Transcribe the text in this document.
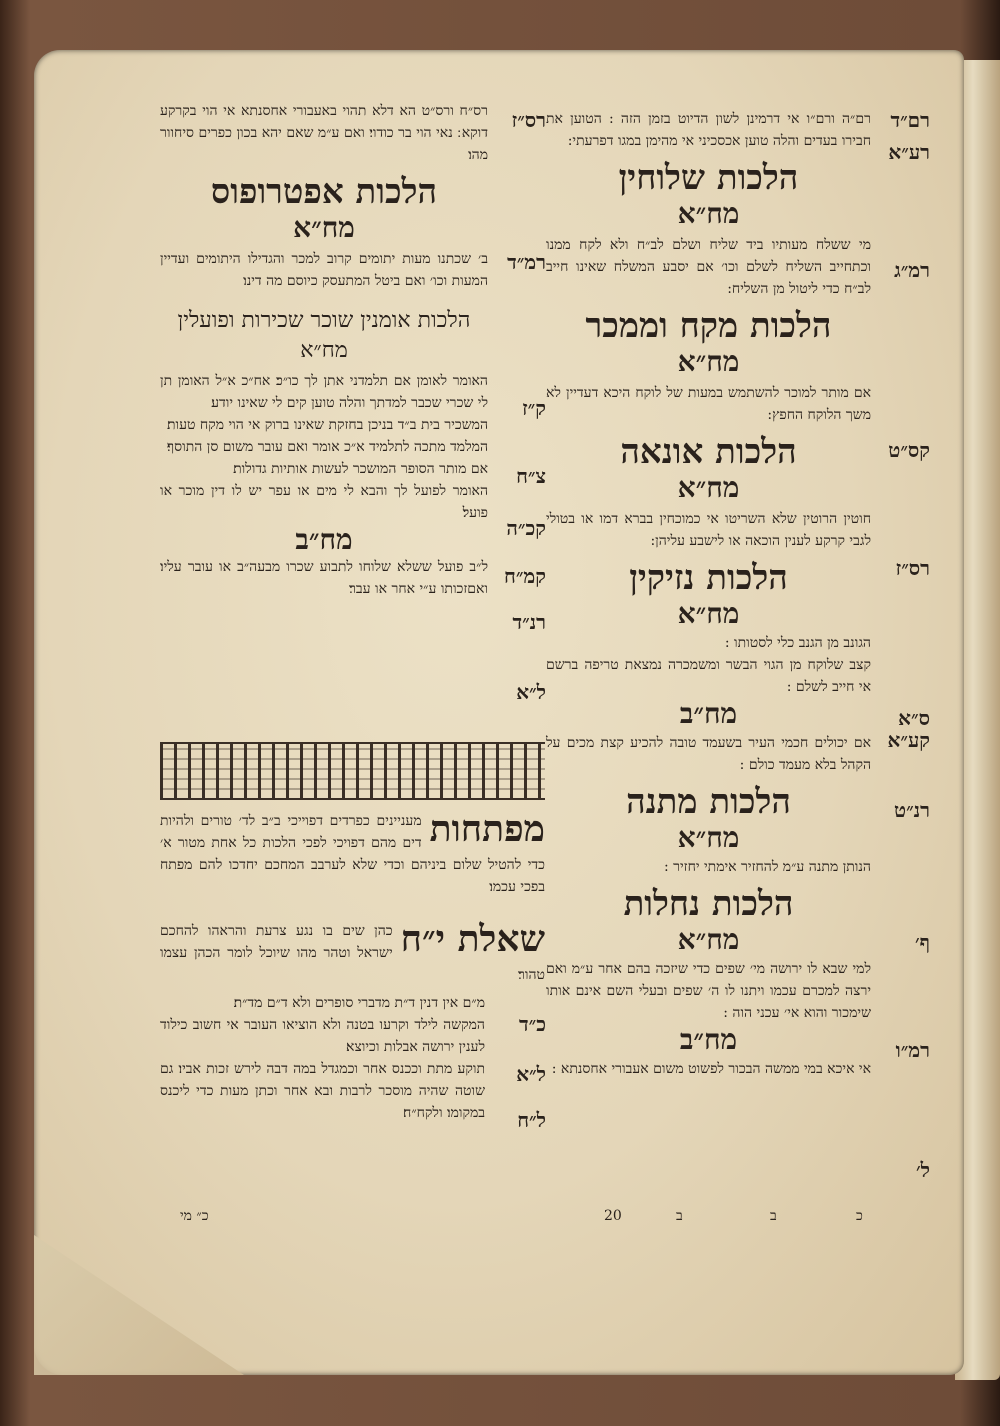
רם״ד
רע״א
רמ״ג
קס״ט
רס״ז
ס״א
קע״א
רנ״ט
ף׳
רמ״ו
ל׳

רם״ה ורם״ו אי דרמינן לשון הדיוט בזמן הזה : הטוען את חבירו בעדים והלה טוען אכסכיני אי מהימן במגו דפרעתי:

הלכות שלוחין
מח״א

מי ששלח מעותיו ביד שליח ושלם לב״ח ולא לקח ממנו וכתחייב השליח לשלם וכו׳ אם יסבע המשלח שאינו חייב לב״ח כדי ליטול מן השליח:

הלכות מקח וממכר
מח״א

אם מותר למוכר להשתמש במעות של לוקח היכא דעדיין לא משך הלוקח החפץ:

הלכות אונאה
מח״א

חוטין הרוטין שלא השריטו אי כמוכחין בברא דמו או בטולי לגבי קרקע לענין הוכאה או לישבע עליהן:

הלכות נזיקין
מח״א

הגונב מן הגנב כלי לסטותו :

קצב שלוקח מן הגוי הבשר ומשמכרה נמצאת טריפה ברשם אי חייב לשלם :

מח״ב

אם יכולים חכמי העיר בשעמד טובה להכיע קצת מכים על הקהל בלא מעמד כולם :

הלכות מתנה
מח״א

הנותן מתנה ע״מ להחזיר אימתי יחזיר :

הלכות נחלות
מח״א

למי שבא לו ירושה מי׳ שפים כדי שיזכה בהם אחר ע״מ ואם ירצה למכרם עכמו ויתנו לו ה׳ שפים ובעלי השם אינם אותו שימכור והוא אי׳ עכני הוה :

מח״ב

אי איכא במי ממשה הבכור לפשוט משום אעבורי אחסנתא :

רס״ז
רמ״ד
ק״ז
צ״ח
קכ״ה
קמ״ח
רנ״ד
ל״א
כ״ד
ל״א
ל״ח

רס״ח ורס״ט הא דלא תהוי באעבורי אחסנתא אי הוי בקרקע דוקא ׃ נאי הוי בר כודוי׃ ואם ע״מ שאם יהא בכון כפרים סיחוור מהו׃

הלכות אפטרופוס
מח״א

ב׳ שכתנו מעות יתומים קרוב למכר והגדילו היתומים ועדיין המעות וכו׳ ואם ביטל המתעסק כיוסם מה דינו׃

הלכות אומנין שוכר שכירות ופועלין
מח״א

האומר לאומן אם תלמדני אתן לך כו״כ׃ אח״כ א״ל האומן תן לי שכרי שכבר למדתך והלה טוען קים לי שאינו יודע׃

המשכיר בית ב״ד בניכן בחזקת שאינו ברוק אי הוי מקח טעות׃

המלמד מתכה לתלמיד א״כ אומר ואם עובר משום סן התוסף׃

אם מותר הסופר המושכר לעשות אותיות גדולות׃

האומר לפועל לך והבא לי מים או עפר יש לו דין מוכר או פועל׃

מח״ב

ל״ב פועל ששלא שלוחו לתבוע שכרו מבעה״ב או עובר עליו׃ ואםזכותו ע״י אחר או עבר׃

מפתחות
מעניינים כפרדים דפוייכי ב״ב לד׳ טורים ולהיות דים מהם דפויכי לפכי הלכות כל אחת מטור א׳ כדי להטיל שלום ביניהם וכדי שלא לערבב המחכם יחדכו להם מפתח בפכי עכמו׃

שאלת י״ח
כהן שים בו נגע צרעת והראהו להחכם ישראל וטהר מהו שיוכל לומר הכהן עצמו טהור׃

מ״ם אין דנין ד״ת מדברי סופרים ולא ד״ם מד״ת׃

המקשה לילד וקרעו בטנה ולא הוציאו העובר אי חשוב כילוד לענין ירושה אבלות וכיוצא׃

תוקע מתת וככנס אחר וכמגדל במה דבה לירש זכות אביו׃ גם שוטה שהיה מוסכר לרבות ובא אחר וכתן מעות כדי ליכנס במקומו׃ ולקח״ח׃

כ״ מי	20	ב	ב	כ
